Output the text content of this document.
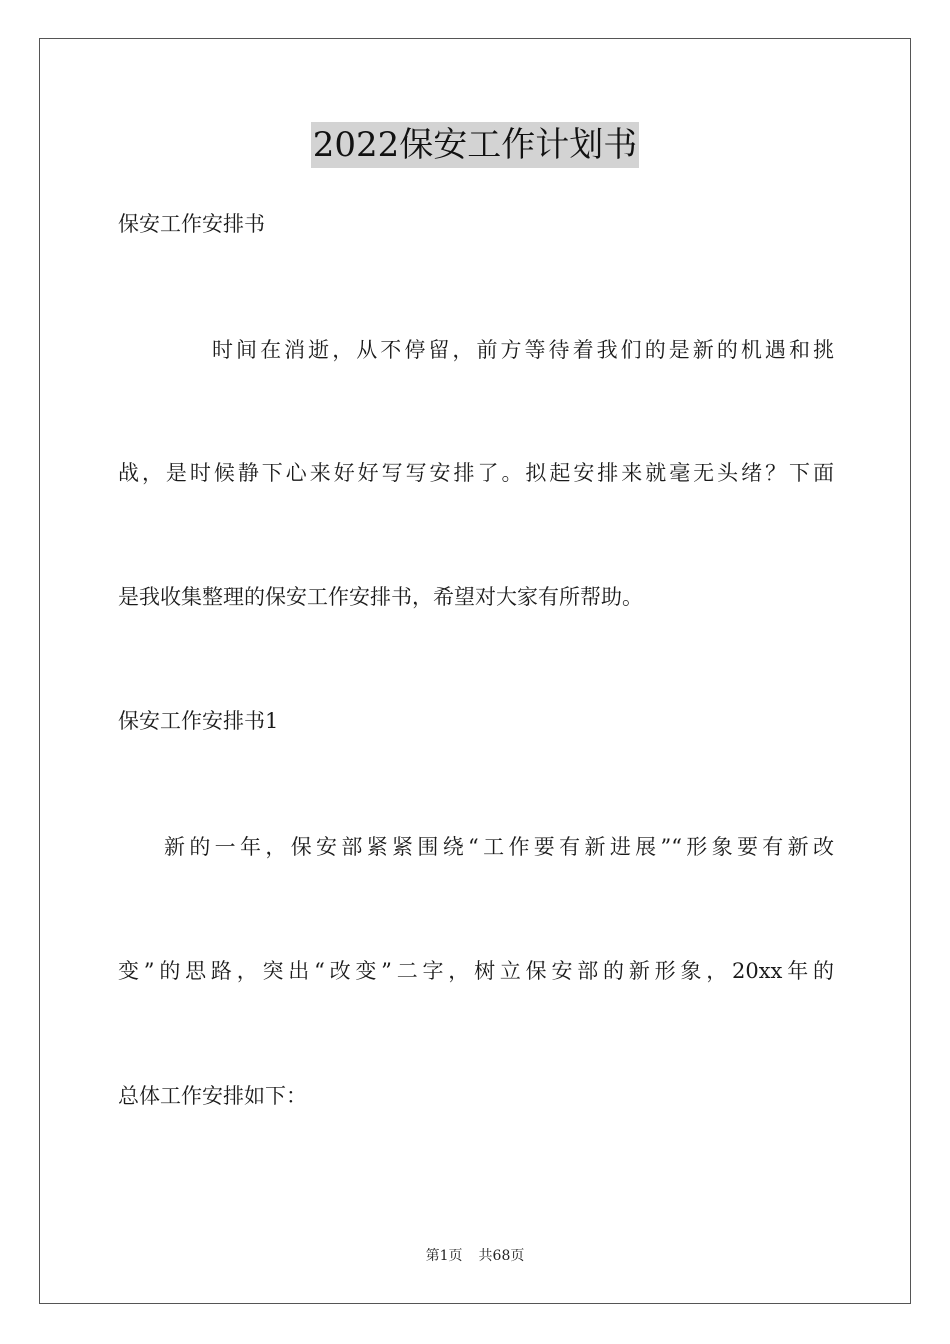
2022保安工作计划书
保安工作安排书
时间在消逝，从不停留，前方等待着我们的是新的机遇和挑
战，是时候静下心来好好写写安排了。拟起安排来就毫无头绪？下面
是我收集整理的保安工作安排书，希望对大家有所帮助。
保安工作安排书1
新的一年，保安部紧紧围绕“工作要有新进展”“形象要有新改
变”的思路，突出“改变”二字，树立保安部的新形象，20xx年的
总体工作安排如下：
第1页 共68页
